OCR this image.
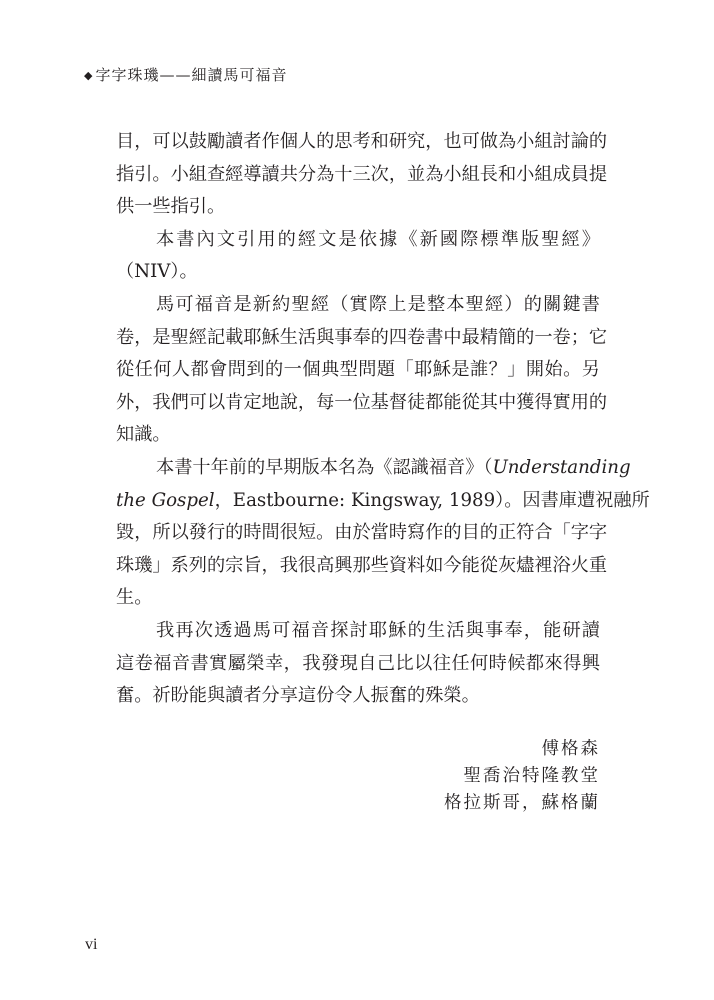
◆ 字字珠璣——細讀馬可福音
目，可以鼓勵讀者作個人的思考和研究，也可做為小組討論的
指引。小組查經導讀共分為十三次，並為小組長和小組成員提
供一些指引。
本書內文引用的經文是依據《新國際標準版聖經》
（NIV）。
馬可福音是新約聖經（實際上是整本聖經）的關鍵書
卷，是聖經記載耶穌生活與事奉的四卷書中最精簡的一卷；它
從任何人都會問到的一個典型問題「耶穌是誰？」開始。另
外，我們可以肯定地說，每一位基督徒都能從其中獲得實用的
知識。
本書十年前的早期版本名為《認識福音》（Understanding
the Gospel，Eastbourne: Kingsway, 1989）。因書庫遭祝融所
毀，所以發行的時間很短。由於當時寫作的目的正符合「字字
珠璣」系列的宗旨，我很高興那些資料如今能從灰燼裡浴火重
生。
我再次透過馬可福音探討耶穌的生活與事奉，能研讀
這卷福音書實屬榮幸，我發現自己比以往任何時候都來得興
奮。祈盼能與讀者分享這份令人振奮的殊榮。
傅格森
聖喬治特隆教堂
格拉斯哥，蘇格蘭
vi
